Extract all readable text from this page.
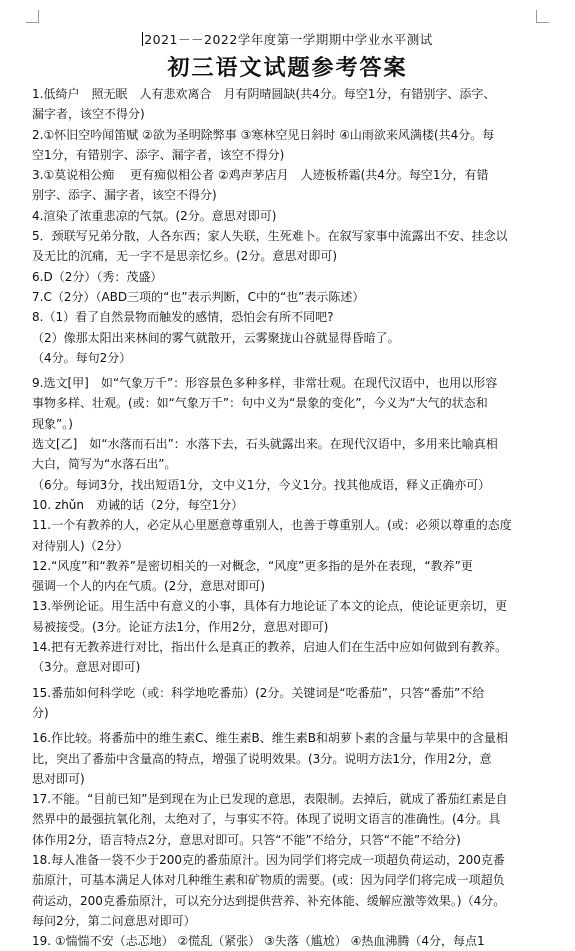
2021－－2022学年度第一学期期中学业水平测试
初三语文试题参考答案

1.低绮户　照无眠　人有悲欢离合　月有阴晴圆缺(共4分。每空1分，有错别字、添字、

漏字者，该空不得分)

2.①怀旧空吟闻笛赋 ②欲为圣明除弊事 ③寒林空见日斜时 ④山雨欲来风满楼(共4分。每

空1分，有错别字、添字、漏字者，该空不得分)

3.①莫说相公痴　 更有痴似相公者 ②鸡声茅店月　人迹板桥霜(共4分。每空1分，有错

别字、添字、漏字者，该空不得分)

4.渲染了浓重悲凉的气氛。(2分。意思对即可)

5．颈联写兄弟分散，人各东西；家人失联，生死难卜。在叙写家事中流露出不安、挂念以

及无比的沉痛，无一字不是思亲忆乡。(2分。意思对即可)

6.D（2分）（秀：茂盛）

7.C（2分）（ABD三项的“也”表示判断，C中的“也”表示陈述）

8.（1）看了自然景物而触发的感情，恐怕会有所不同吧?

（2）像那太阳出来林间的雾气就散开，云雾聚拢山谷就显得昏暗了。

（4分。每句2分）

9.选文[甲]　如“气象万千”：形容景色多种多样，非常壮观。在现代汉语中，也用以形容

事物多样、壮观。(或：如“气象万千”：句中义为“景象的变化”，今义为“大气的状态和

现象”。)

选文[乙]　如“水落而石出”：水落下去，石头就露出来。在现代汉语中，多用来比喻真相

大白，简写为“水落石出”。

（6分。每词3分，找出短语1分，文中义1分，今义1分。找其他成语，释义正确亦可）

10. zhǔn　劝诫的话（2分，每空1分）

11.一个有教养的人，必定从心里愿意尊重别人，也善于尊重别人。(或：必须以尊重的态度

对待别人)（2分）

12.“风度”和“教养”是密切相关的一对概念，“风度”更多指的是外在表现，“教养”更

强调一个人的内在气质。(2分，意思对即可)

13.举例论证。用生活中有意义的小事，具体有力地论证了本文的论点，使论证更亲切，更

易被接受。(3分。论证方法1分，作用2分，意思对即可)

14.把有无教养进行对比，指出什么是真正的教养，启迪人们在生活中应如何做到有教养。

（3分。意思对即可)

15.番茄如何科学吃（或：科学地吃番茄）(2分。关键词是“吃番茄”，只答“番茄”不给

分)

16.作比较。将番茄中的维生素C、维生素B、维生素B和胡萝卜素的含量与苹果中的含量相

比，突出了番茄中含量高的特点，增强了说明效果。(3分。说明方法1分，作用2分，意

思对即可)

17.不能。“目前已知”是到现在为止已发现的意思，表限制。去掉后，就成了番茄红素是自

然界中的最强抗氧化剂，太绝对了，与事实不符。体现了说明文语言的准确性。(4分。具

体作用2分，语言特点2分，意思对即可。只答“不能”不给分，只答“不能”不给分)

18.每人准备一袋不少于200克的番茄原汁。因为同学们将完成一项超负荷运动，200克番

茄原汁，可基本满足人体对几种维生素和矿物质的需要。(或：因为同学们将完成一项超负

荷运动，200克番茄原汁，可以充分达到提供营养、补充体能、缓解应激等效果。)（4分。

每问2分，第二问意思对即可）

19. ①惴惴不安（忐忑地） ②慌乱（紧张） ③失落（尴尬） ④热血沸腾（4分，每点1
